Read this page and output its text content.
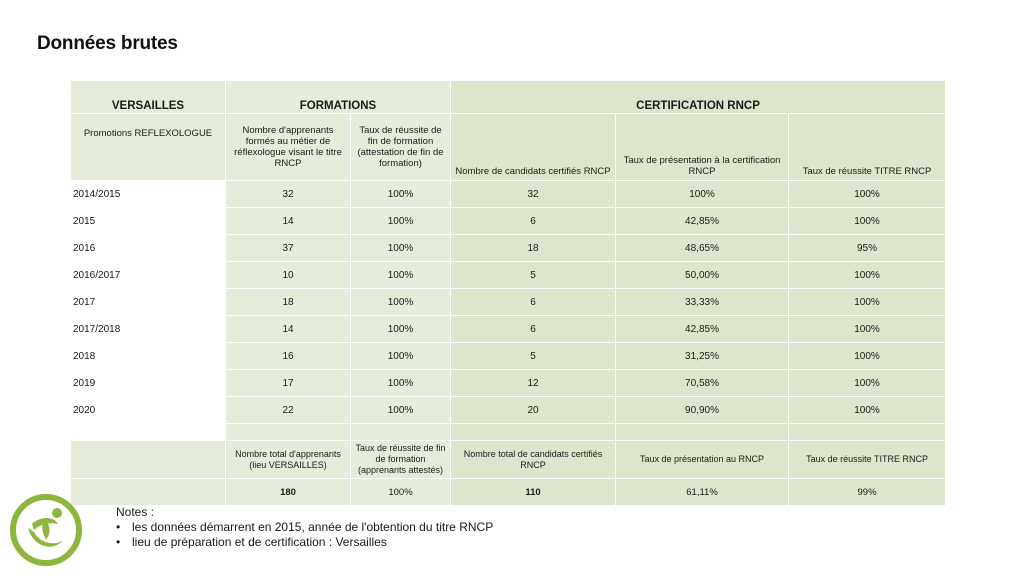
Données brutes
VERSAILLES	FORMATIONS		CERTIFICATION RNCP		
Promotions REFLEXOLOGUE	Nombre d'apprenants formés au métier de réflexologue visant le titre RNCP	Taux de réussite de fin de formation (attestation de fin de formation)	Nombre de candidats certifiés RNCP	Taux de présentation à la certification RNCP	Taux de réussite TITRE RNCP
2014/2015	32	100%	32	100%	100%
2015	14	100%	6	42,85%	100%
2016	37	100%	18	48,65%	95%
2016/2017	10	100%	5	50,00%	100%
2017	18	100%	6	33,33%	100%
2017/2018	14	100%	6	42,85%	100%
2018	16	100%	5	31,25%	100%
2019	17	100%	12	70,58%	100%
2020	22	100%	20	90,90%	100%

	Nombre total d'apprenants (lieu VERSAILLES)	Taux de réussite de fin de formation (apprenants attestés)	Nombre total de candidats certifiés RNCP	Taux de présentation au RNCP	Taux de réussite TITRE RNCP
	180	100%	110	61,11%	99%
Notes :
• les données démarrent en 2015, année de l'obtention du titre RNCP
• lieu de préparation et de certification : Versailles
